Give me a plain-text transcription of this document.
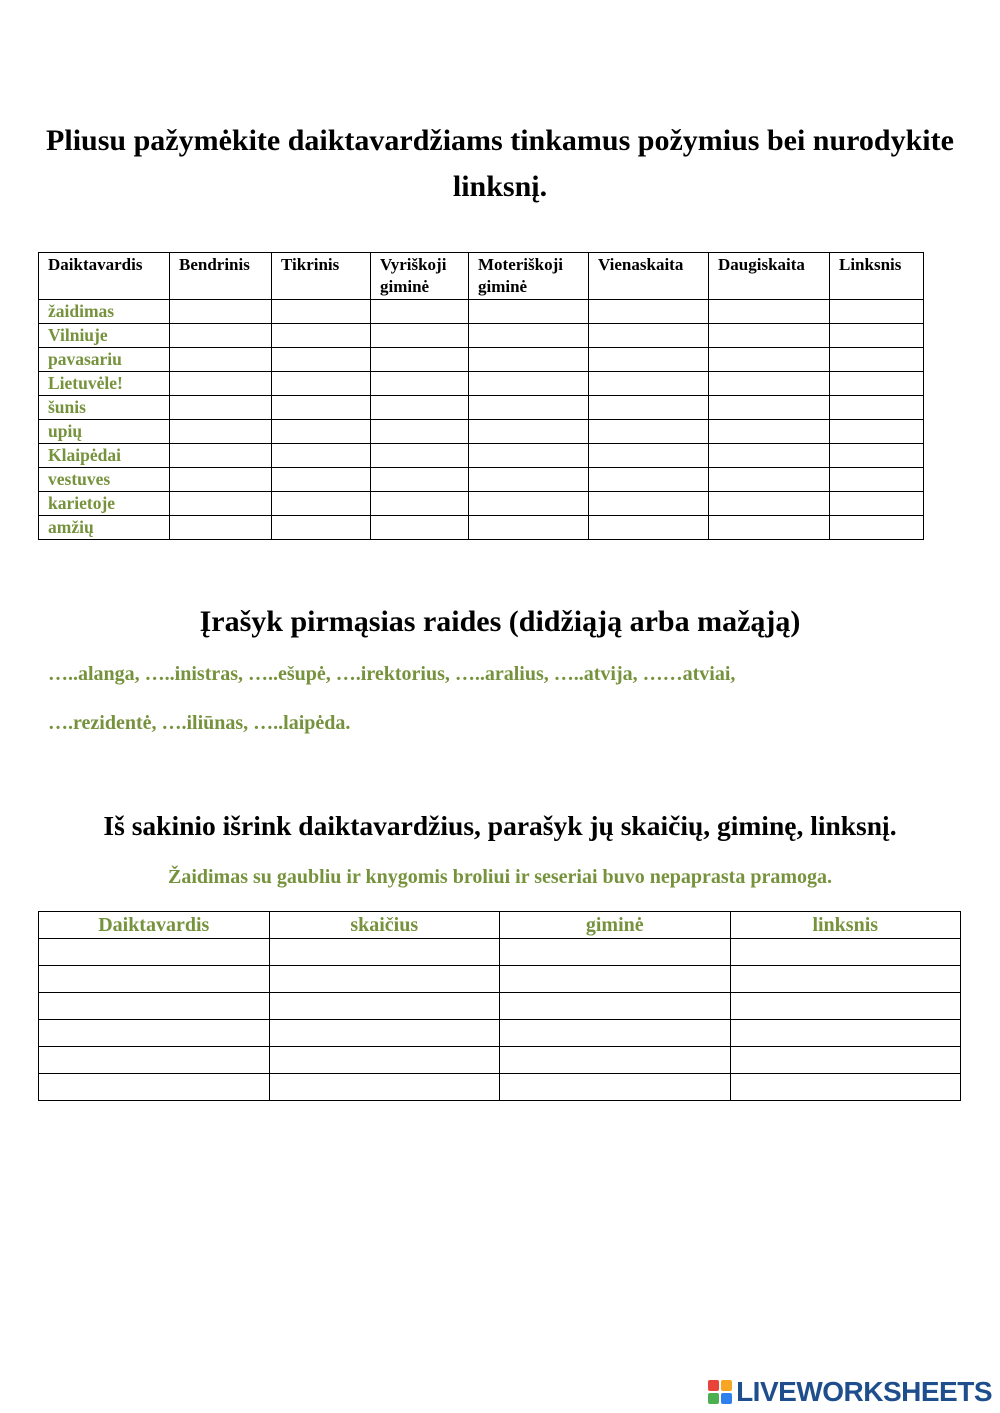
Pliusu pažymėkite daiktavardžiams tinkamus požymius bei nurodykite linksnį.
Daiktavardis	Bendrinis	Tikrinis	Vyriškoji giminė	Moteriškoji giminė	Vienaskaita	Daugiskaita	Linksnis
žaidimas							
Vilniuje							
pavasariu							
Lietuvėle!							
šunis							
upių							
Klaipėdai							
vestuves							
karietoje							
amžių							
Įrašyk pirmąsias raides (didžiąją arba mažąją)
…..alanga, …..inistras, …..ešupė, ….irektorius, …..aralius, …..atvija, ……atviai,
….rezidentė, ….iliūnas, …..laipėda.
Iš sakinio išrink daiktavardžius, parašyk jų skaičių, giminę, linksnį.
Žaidimas su gaubliu ir knygomis broliui ir seseriai buvo nepaprasta pramoga.
Daiktavardis	skaičius	giminė	linksnis

LIVEWORKSHEETS
